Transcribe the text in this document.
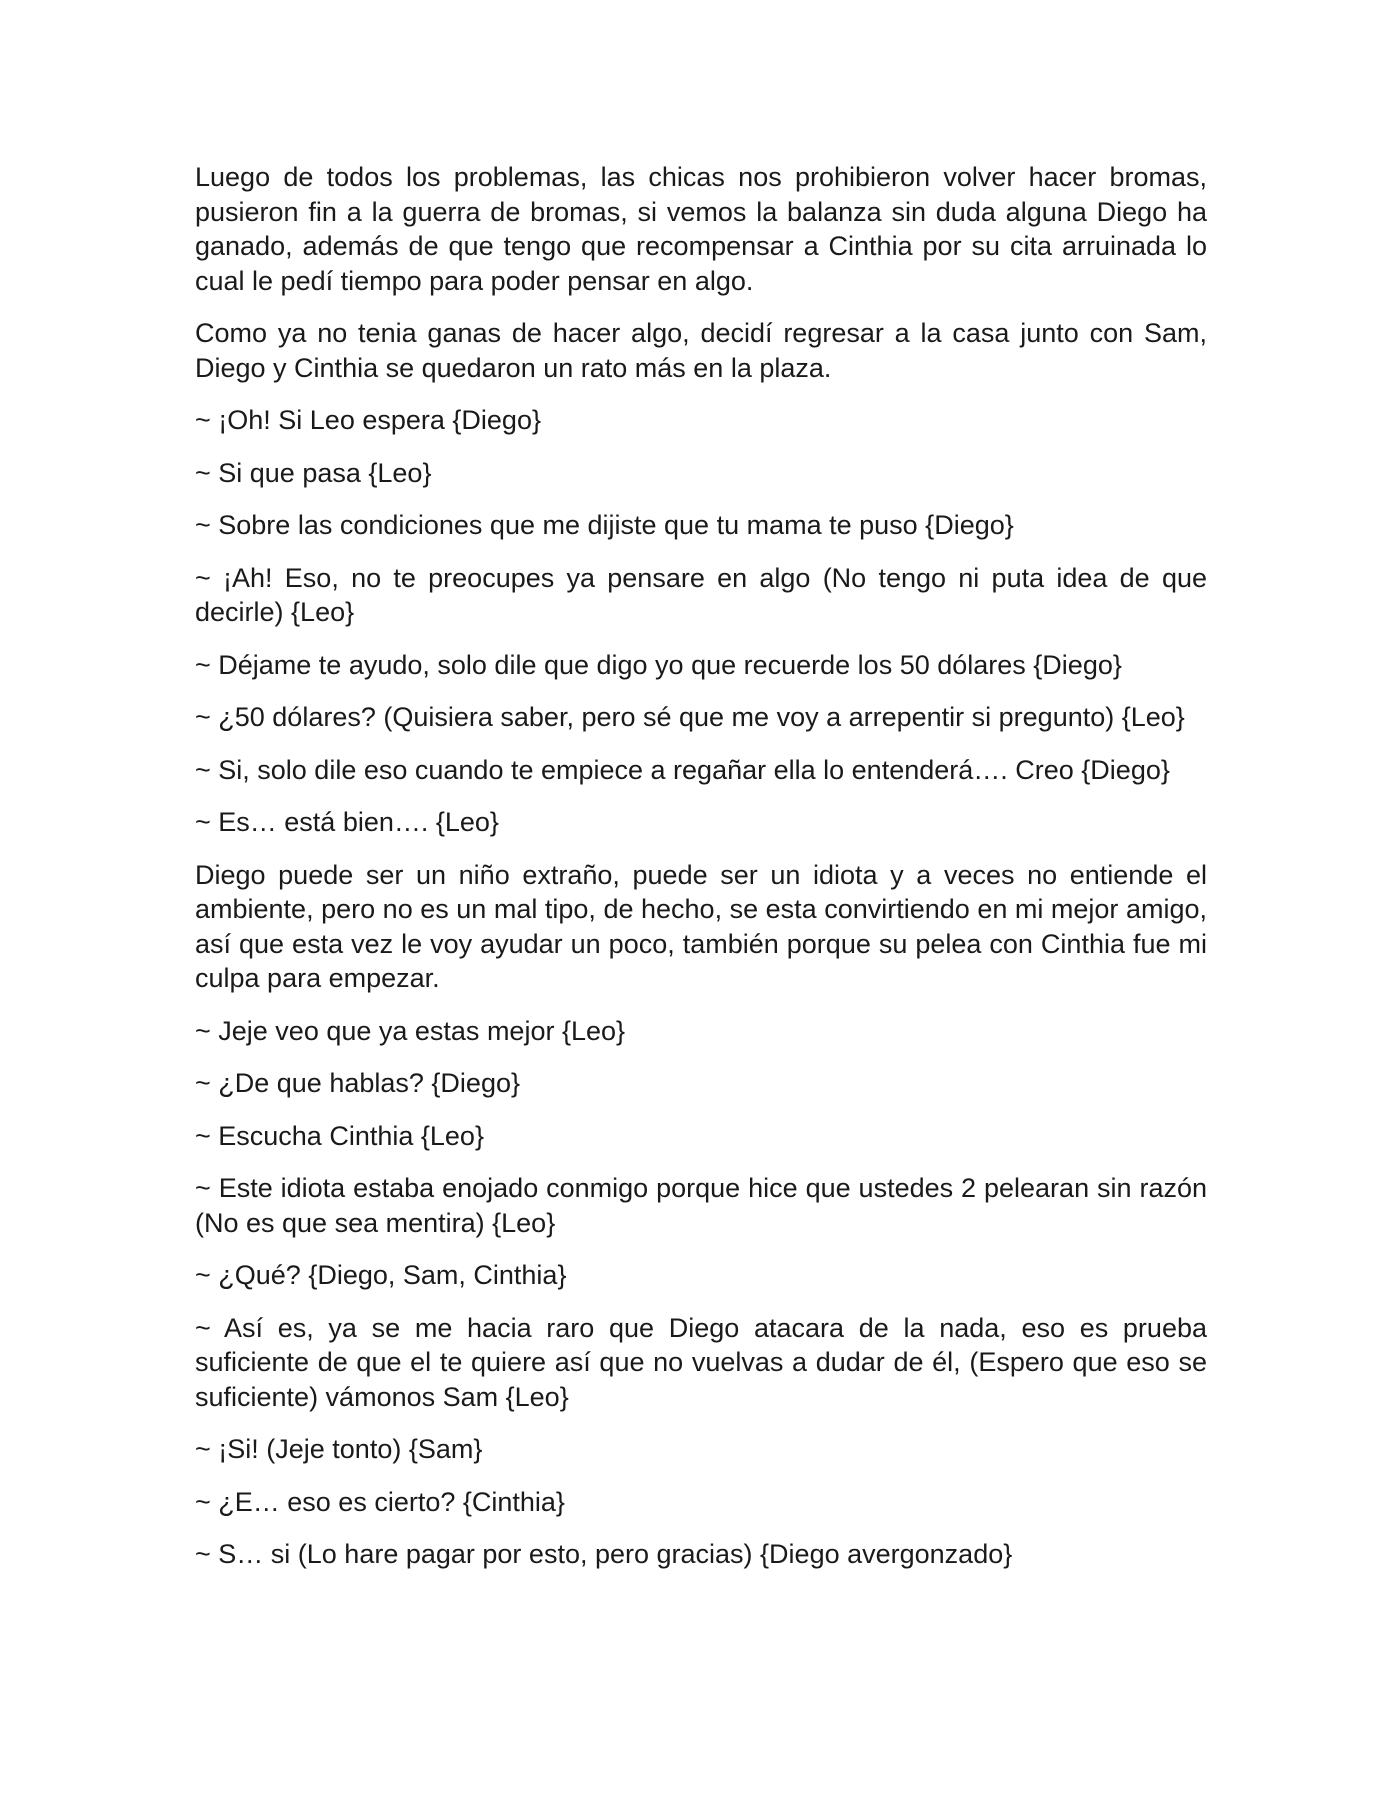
Luego de todos los problemas, las chicas nos prohibieron volver hacer bromas, pusieron fin a la guerra de bromas, si vemos la balanza sin duda alguna Diego ha ganado, además de que tengo que recompensar a Cinthia por su cita arruinada lo cual le pedí tiempo para poder pensar en algo.

Como ya no tenia ganas de hacer algo, decidí regresar a la casa junto con Sam, Diego y Cinthia se quedaron un rato más en la plaza.

~ ¡Oh! Si Leo espera {Diego}

~ Si que pasa {Leo}

~ Sobre las condiciones que me dijiste que tu mama te puso {Diego}

~ ¡Ah! Eso, no te preocupes ya pensare en algo (No tengo ni puta idea de que decirle) {Leo}

~ Déjame te ayudo, solo dile que digo yo que recuerde los 50 dólares {Diego}

~ ¿50 dólares? (Quisiera saber, pero sé que me voy a arrepentir si pregunto) {Leo}

~ Si, solo dile eso cuando te empiece a regañar ella lo entenderá…. Creo {Diego}

~ Es… está bien…. {Leo}

Diego puede ser un niño extraño, puede ser un idiota y a veces no entiende el ambiente, pero no es un mal tipo, de hecho, se esta convirtiendo en mi mejor amigo, así que esta vez le voy ayudar un poco, también porque su pelea con Cinthia fue mi culpa para empezar.

~ Jeje veo que ya estas mejor {Leo}

~ ¿De que hablas? {Diego}

~ Escucha Cinthia {Leo}

~ Este idiota estaba enojado conmigo porque hice que ustedes 2 pelearan sin razón (No es que sea mentira) {Leo}

~ ¿Qué? {Diego, Sam, Cinthia}

~ Así es, ya se me hacia raro que Diego atacara de la nada, eso es prueba suficiente de que el te quiere así que no vuelvas a dudar de él, (Espero que eso se suficiente) vámonos Sam {Leo}

~ ¡Si! (Jeje tonto) {Sam}

~ ¿E… eso es cierto? {Cinthia}

~ S… si (Lo hare pagar por esto, pero gracias) {Diego avergonzado}
